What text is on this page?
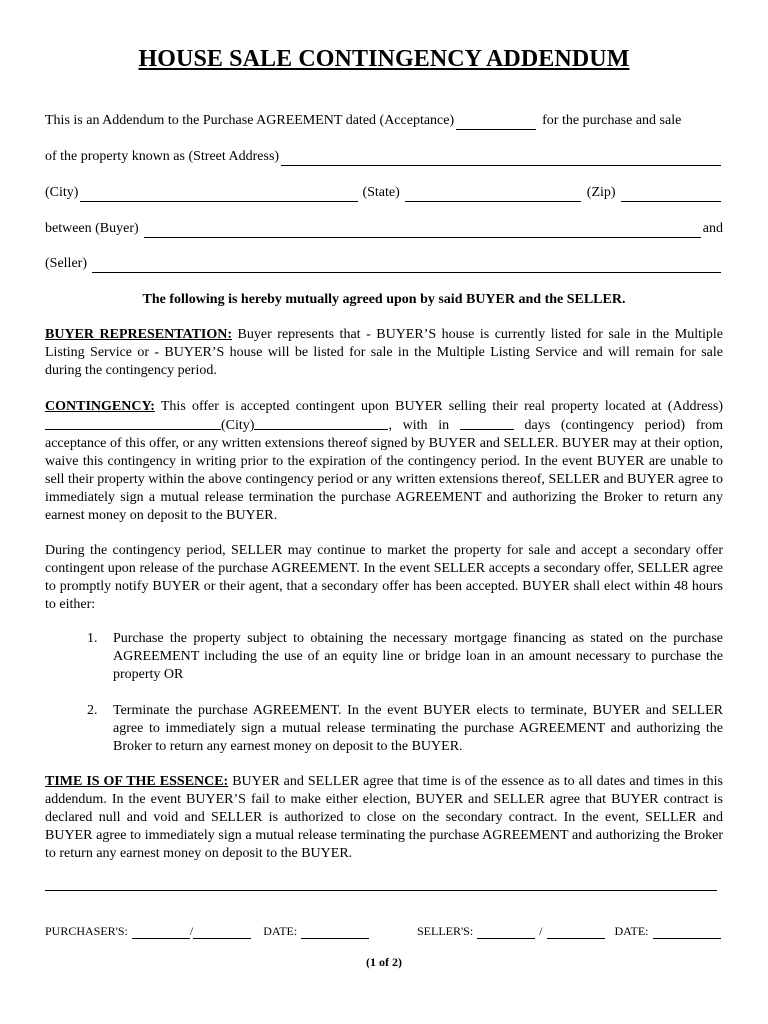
HOUSE SALE CONTINGENCY ADDENDUM
This is an Addendum to the Purchase AGREEMENT dated (Acceptance)	for the purchase and sale
of the property known as (Street Address)
(City)	(State)	(Zip)
between (Buyer)	and
(Seller)
The following is hereby mutually agreed upon by said BUYER and the SELLER.
BUYER REPRESENTATION: Buyer represents that - BUYER’S house is currently listed for sale in the Multiple Listing Service or - BUYER’S house will be listed for sale in the Multiple Listing Service and will remain for sale during the contingency period.
CONTINGENCY: This offer is accepted contingent upon BUYER selling their real property located at (Address)(City)	, with in	days (contingency period) from acceptance of this offer, or any written extensions thereof signed by BUYER and SELLER. BUYER may at their option, waive this contingency in writing prior to the expiration of the contingency period. In the event BUYER are unable to sell their property within the above contingency period or any written extensions thereof, SELLER and BUYER agree to immediately sign a mutual release termination the purchase AGREEMENT and authorizing the Broker to return any earnest money on deposit to the BUYER.
During the contingency period, SELLER may continue to market the property for sale and accept a secondary offer contingent upon release of the purchase AGREEMENT. In the event SELLER accepts a secondary offer, SELLER agree to promptly notify BUYER or their agent, that a secondary offer has been accepted. BUYER shall elect within 48 hours to either:
1.	Purchase the property subject to obtaining the necessary mortgage financing as stated on the purchase AGREEMENT including the use of an equity line or bridge loan in an amount necessary to purchase the property OR
2.	Terminate the purchase AGREEMENT. In the event BUYER elects to terminate, BUYER and SELLER agree to immediately sign a mutual release terminating the purchase AGREEMENT and authorizing the Broker to return any earnest money on deposit to the BUYER.
TIME IS OF THE ESSENCE: BUYER and SELLER agree that time is of the essence as to all dates and times in this addendum. In the event BUYER’S fail to make either election, BUYER and SELLER agree that BUYER contract is declared null and void and SELLER is authorized to close on the secondary contract. In the event, SELLER and BUYER agree to immediately sign a mutual release terminating the purchase AGREEMENT and authorizing the Broker to return any earnest money on deposit to the BUYER.
PURCHASER'S:	/	DATE:	SELLER'S:	/	DATE:
(1 of 2)
